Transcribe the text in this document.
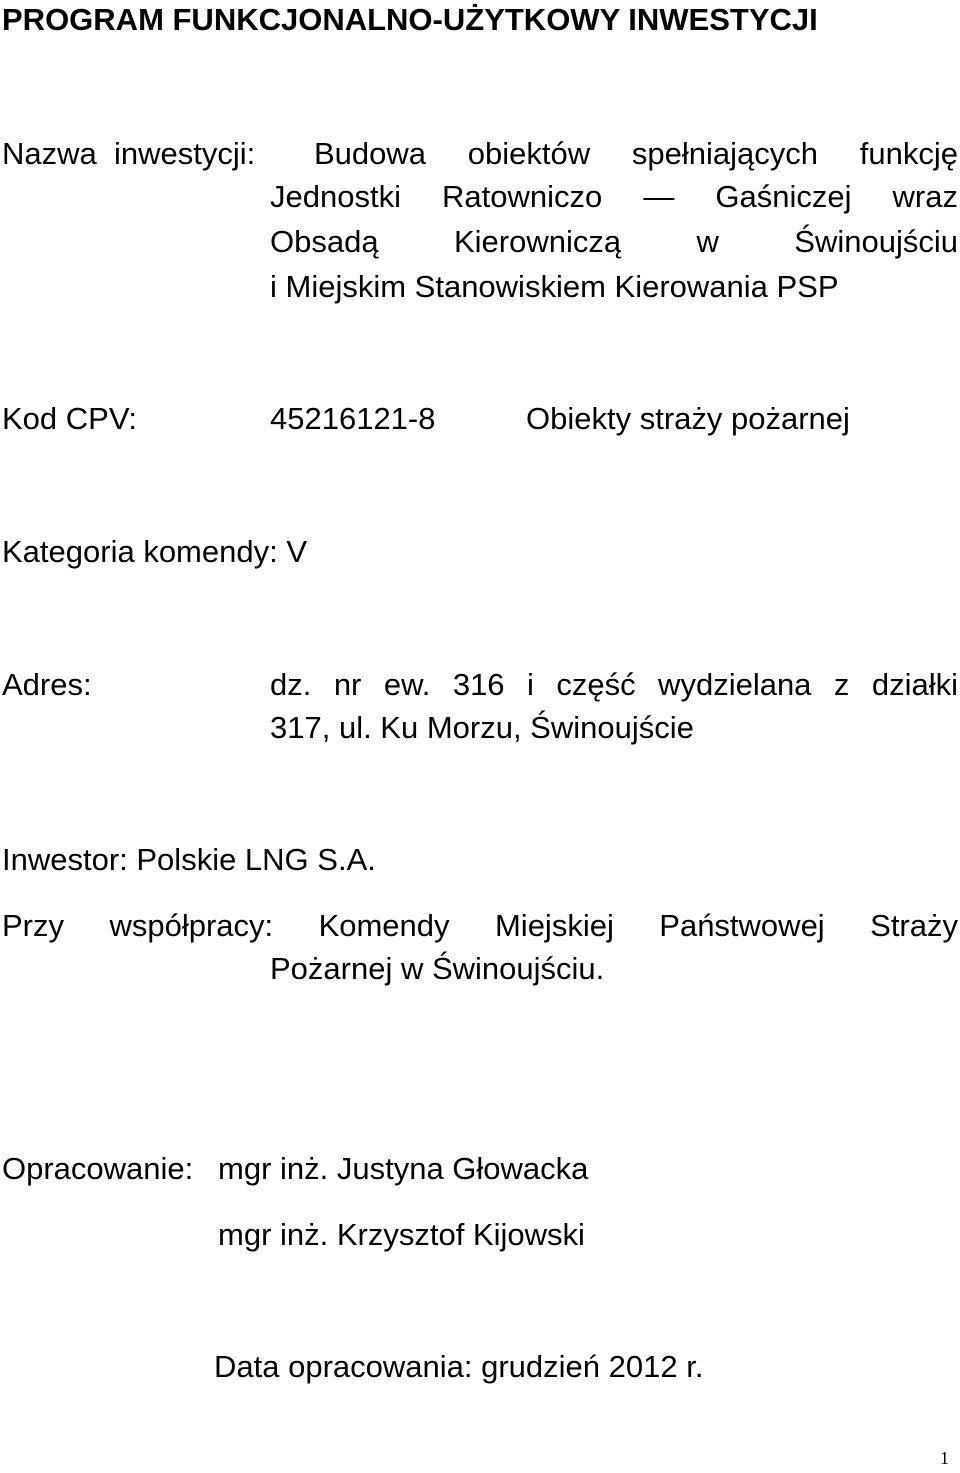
PROGRAM FUNKCJONALNO-UŻYTKOWY INWESTYCJI
Nazwa  inwestycji: Budowa obiektów spełniających funkcję
Jednostki Ratowniczo — Gaśniczej wraz
Obsadą Kierowniczą w Świnoujściu
i Miejskim Stanowiskiem Kierowania PSP
Kod CPV:	45216121-8	Obiekty straży pożarnej
Kategoria komendy: V
Adres:	dz. nr ew. 316 i część wydzielana z działki
317, ul. Ku Morzu, Świnoujście
Inwestor: Polskie LNG S.A.
Przy współpracy: Komendy Miejskiej Państwowej Straży
Pożarnej w Świnoujściu.
Opracowanie: mgr inż. Justyna Głowacka
mgr inż. Krzysztof Kijowski
Data opracowania: grudzień 2012 r.
1
